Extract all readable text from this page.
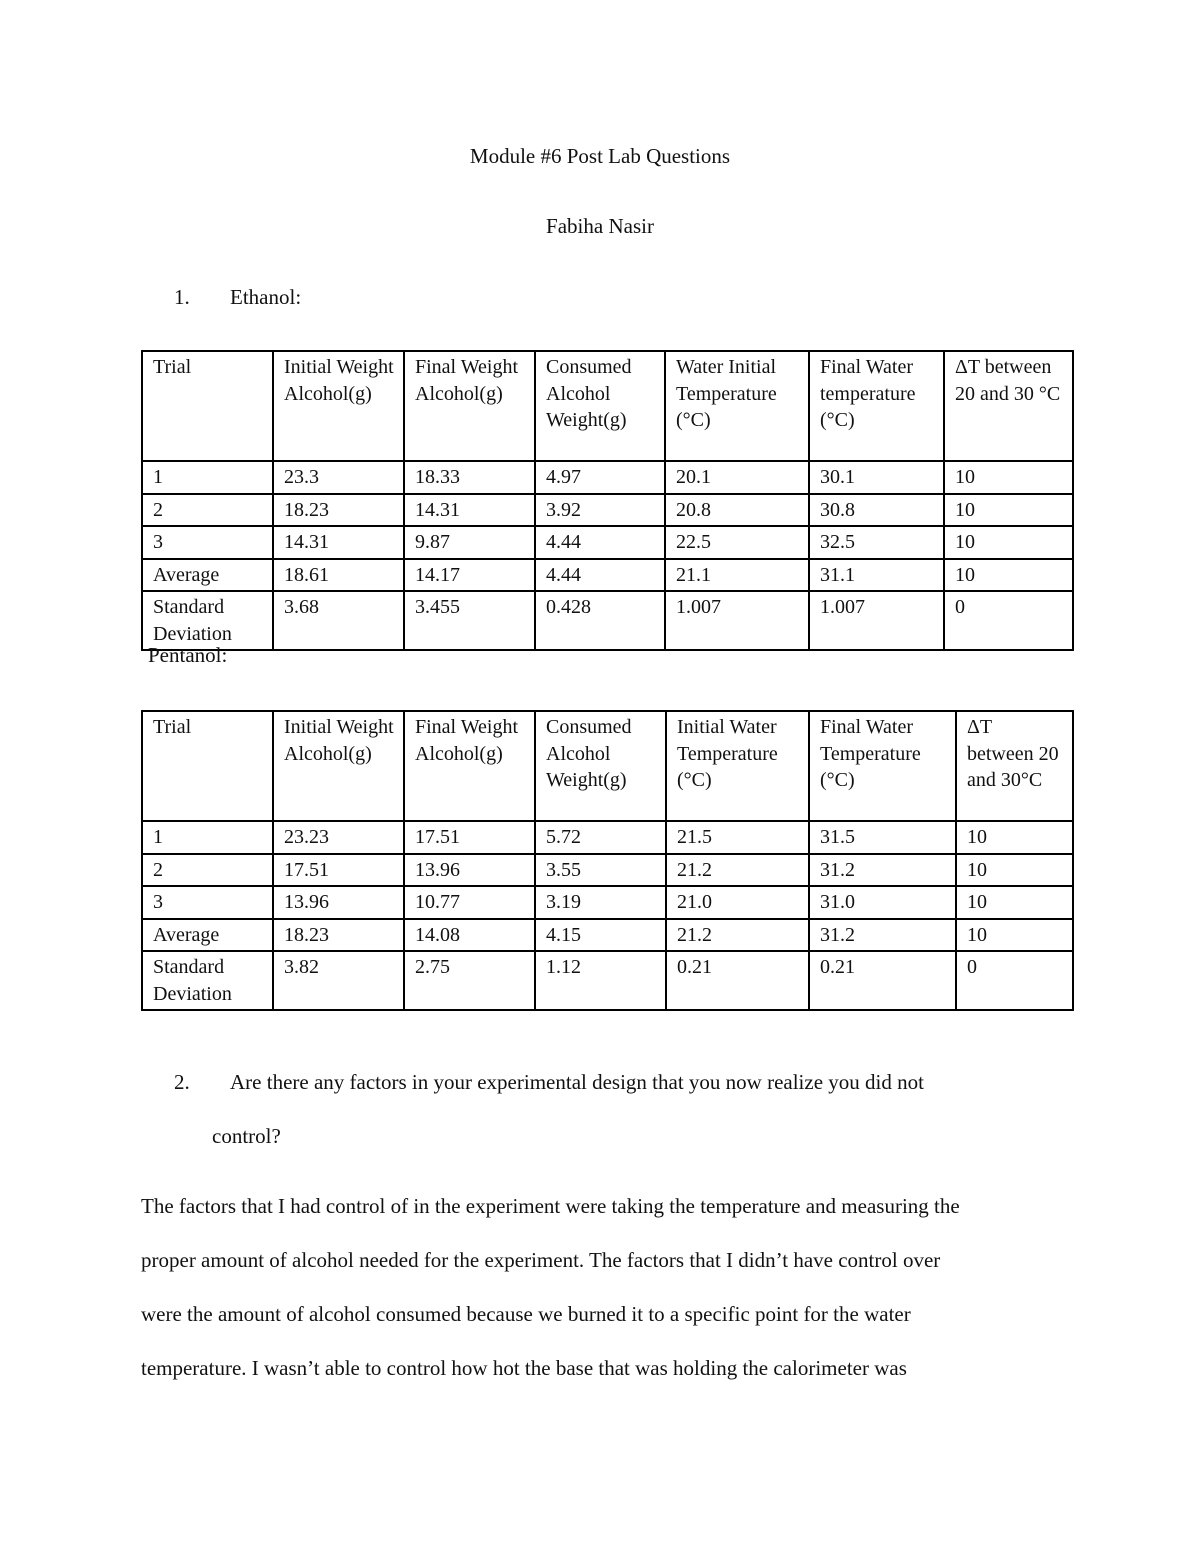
Module #6 Post Lab Questions
Fabiha Nasir
1. Ethanol:
Trial	Initial Weight Alcohol(g)	Final Weight Alcohol(g)	Consumed Alcohol Weight(g)	Water Initial Temperature (°C)	Final Water temperature (°C)	ΔT between 20 and 30 °C
1	23.3	18.33	4.97	20.1	30.1	10
2	18.23	14.31	3.92	20.8	30.8	10
3	14.31	9.87	4.44	22.5	32.5	10
Average	18.61	14.17	4.44	21.1	31.1	10
Standard Deviation	3.68	3.455	0.428	1.007	1.007	0
Pentanol:
Trial	Initial Weight Alcohol(g)	Final Weight Alcohol(g)	Consumed Alcohol Weight(g)	Initial Water Temperature (°C)	Final Water Temperature (°C)	ΔT between 20 and 30°C
1	23.23	17.51	5.72	21.5	31.5	10
2	17.51	13.96	3.55	21.2	31.2	10
3	13.96	10.77	3.19	21.0	31.0	10
Average	18.23	14.08	4.15	21.2	31.2	10
Standard Deviation	3.82	2.75	1.12	0.21	0.21	0
2. Are there any factors in your experimental design that you now realize you did not
control?
The factors that I had control of in the experiment were taking the temperature and measuring the
proper amount of alcohol needed for the experiment. The factors that I didn’t have control over
were the amount of alcohol consumed because we burned it to a specific point for the water
temperature. I wasn’t able to control how hot the base that was holding the calorimeter was
